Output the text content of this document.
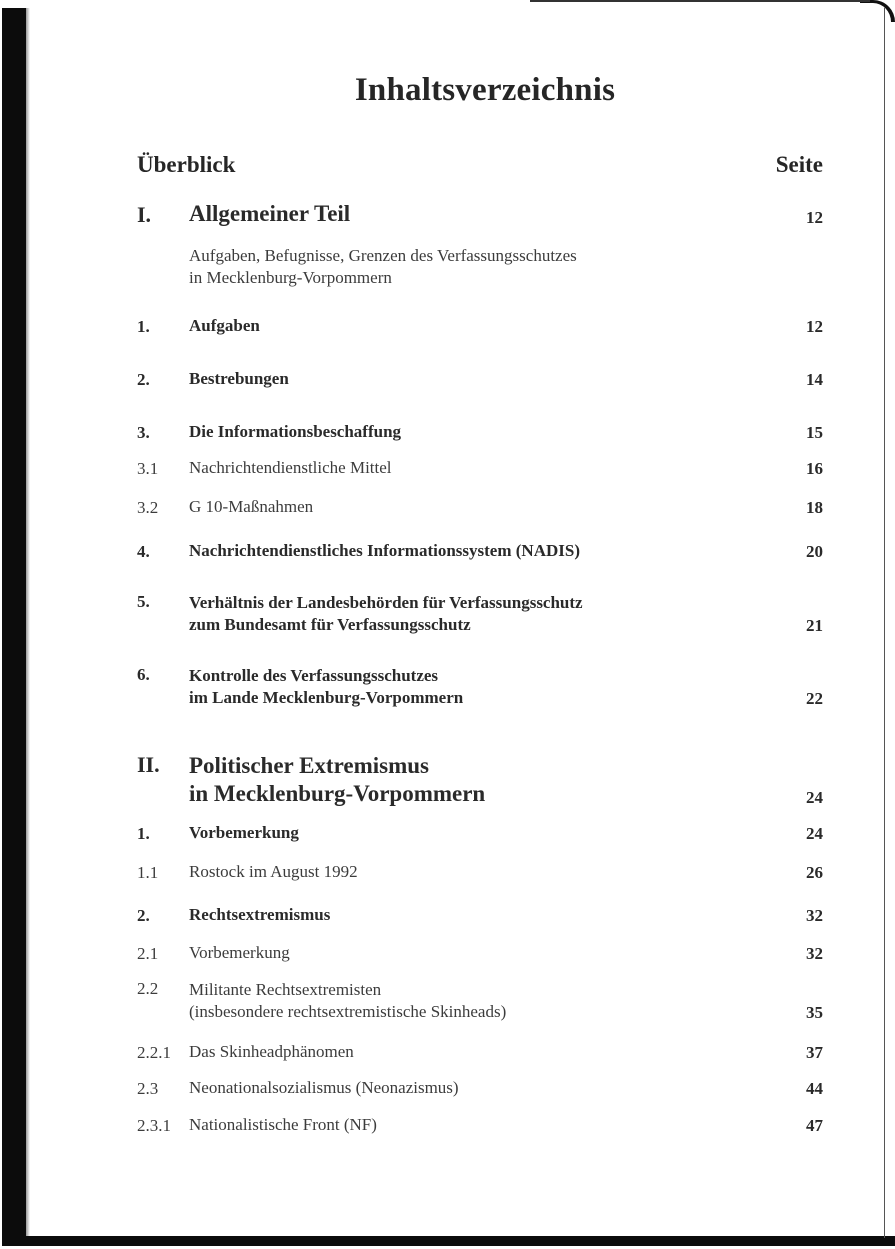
Inhaltsverzeichnis
Überblick	Seite
I.	Allgemeiner Teil	12
Aufgaben, Befugnisse, Grenzen des Verfassungsschutzes
in Mecklenburg-Vorpommern
1.	Aufgaben	12
2.	Bestrebungen	14
3.	Die Informationsbeschaffung	15
3.1	Nachrichtendienstliche Mittel	16
3.2	G 10-Maßnahmen	18
4.	Nachrichtendienstliches Informationssystem (NADIS)	20
5.	Verhältnis der Landesbehörden für Verfassungsschutz
zum Bundesamt für Verfassungsschutz	21
6.	Kontrolle des Verfassungsschutzes
im Lande Mecklenburg-Vorpommern	22
II.	Politischer Extremismus
in Mecklenburg-Vorpommern	24
1.	Vorbemerkung	24
1.1	Rostock im August 1992	26
2.	Rechtsextremismus	32
2.1	Vorbemerkung	32
2.2	Militante Rechtsextremisten
(insbesondere rechtsextremistische Skinheads)	35
2.2.1	Das Skinheadphänomen	37
2.3	Neonationalsozialismus (Neonazismus)	44
2.3.1	Nationalistische Front (NF)	47
